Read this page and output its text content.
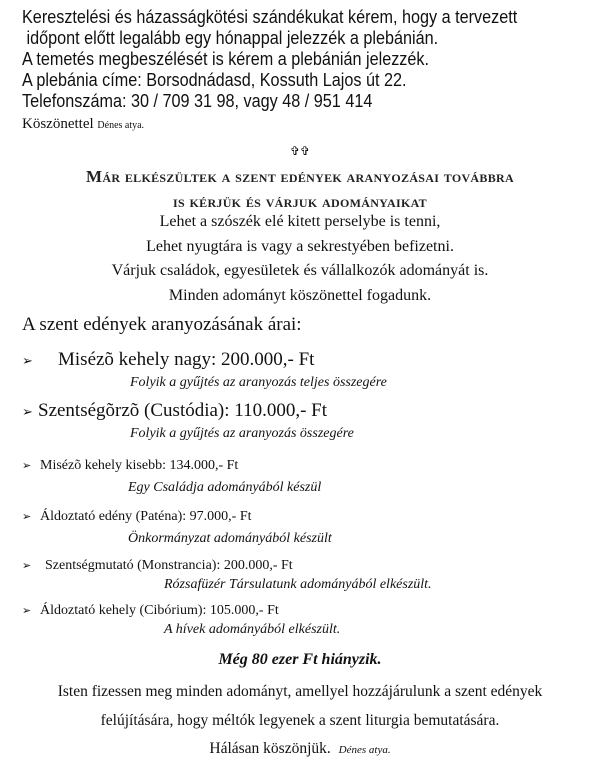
Keresztelési és házasságkötési szándékukat kérem, hogy a tervezett
időpont előtt legalább egy hónappal jelezzék a plebánián.
A temetés megbeszélését is kérem a plebánián jelezzék.
A plebánia címe: Borsodnádasd, Kossuth Lajos út 22.
Telefonszáma: 30 / 709 31 98, vagy 48 / 951 414
Köszönettel Dénes atya.
✞✞
Már elkészültek a szent edények aranyozásai továbbra
is kérjük és várjuk adományaikat
Lehet a szószék elé kitett perselybe is tenni,
Lehet nyugtára is vagy a sekrestyében befizetni.
Várjuk családok, egyesületek és vállalkozók adományát is.
Minden adományt köszönettel fogadunk.
A szent edények aranyozásának árai:
➢ Misézõ kehely nagy: 200.000,- Ft
Folyik a gyűjtés az aranyozás teljes összegére
➢ Szentségõrzõ (Custódia): 110.000,- Ft
Folyik a gyűjtés az aranyozás összegére
➢ Misézõ kehely kisebb: 134.000,- Ft
Egy Családja adományából készül
➢ Áldoztató edény (Paténa): 97.000,- Ft
Önkormányzat adományából készült
➢ Szentségmutató (Monstrancia): 200.000,- Ft
Rózsafüzér Társulatunk adományából elkészült.
➢ Áldoztató kehely (Cibórium): 105.000,- Ft
A hívek adományából elkészült.
Még 80 ezer Ft hiányzik.
Isten fizessen meg minden adományt, amellyel hozzájárulunk a szent edények
felújítására, hogy méltók legyenek a szent liturgia bemutatására.
Hálásan köszönjük. Dénes atya.
